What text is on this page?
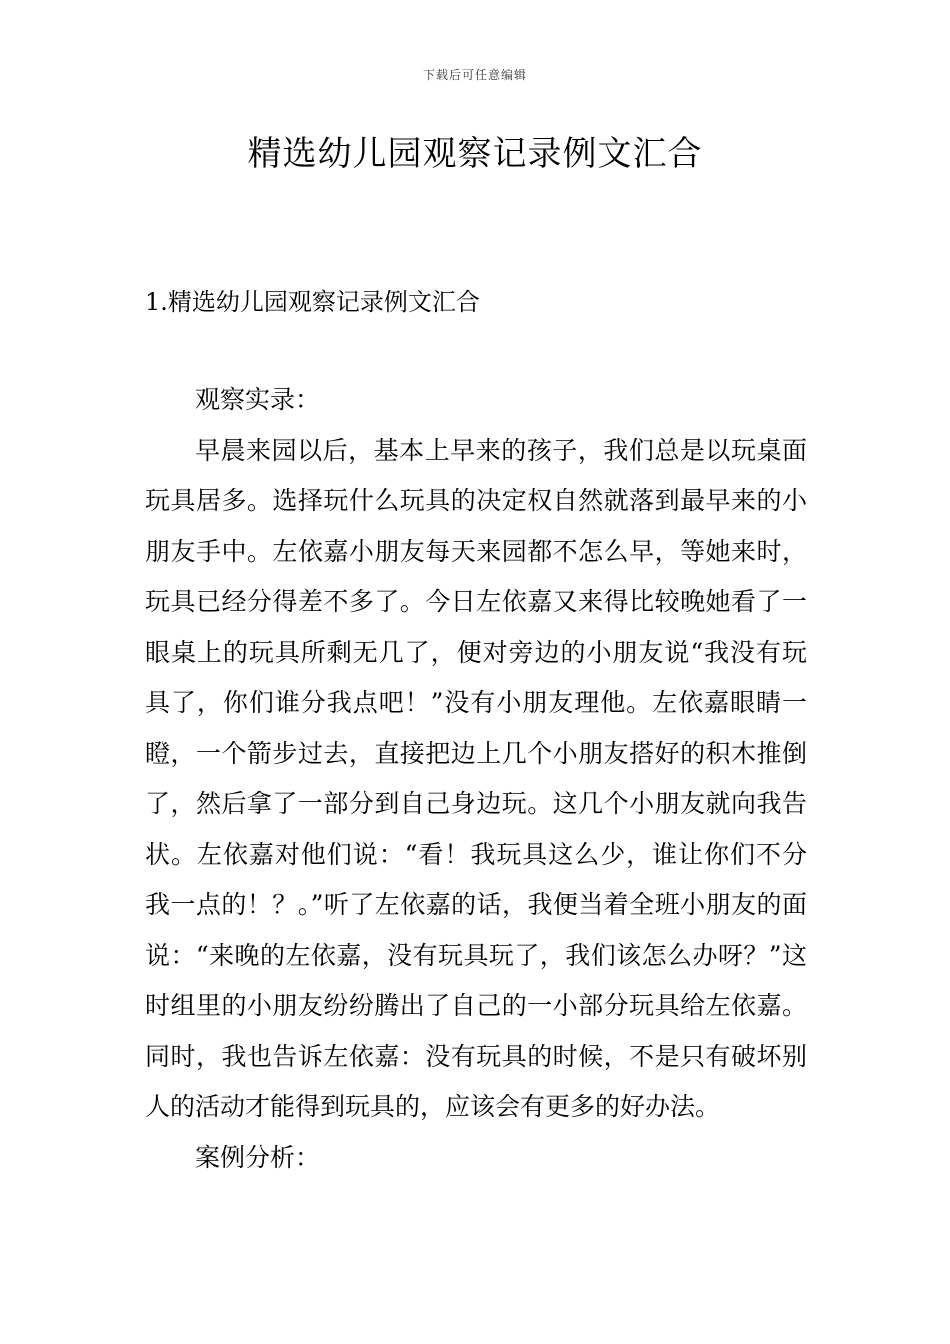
下载后可任意编辑
精选幼儿园观察记录例文汇合
1.精选幼儿园观察记录例文汇合

观察实录：

早晨来园以后，基本上早来的孩子，我们总是以玩桌面玩具居多。选择玩什么玩具的决定权自然就落到最早来的小朋友手中。左依嘉小朋友每天来园都不怎么早，等她来时，玩具已经分得差不多了。今日左依嘉又来得比较晚她看了一眼桌上的玩具所剩无几了，便对旁边的小朋友说“我没有玩具了，你们谁分我点吧！”没有小朋友理他。左依嘉眼睛一瞪，一个箭步过去，直接把边上几个小朋友搭好的积木推倒了，然后拿了一部分到自己身边玩。这几个小朋友就向我告状。左依嘉对他们说：“看！我玩具这么少，谁让你们不分我一点的！？。”听了左依嘉的话，我便当着全班小朋友的面说：“来晚的左依嘉，没有玩具玩了，我们该怎么办呀？”这时组里的小朋友纷纷腾出了自己的一小部分玩具给左依嘉。同时，我也告诉左依嘉：没有玩具的时候，不是只有破坏别人的活动才能得到玩具的，应该会有更多的好办法。

案例分析：
